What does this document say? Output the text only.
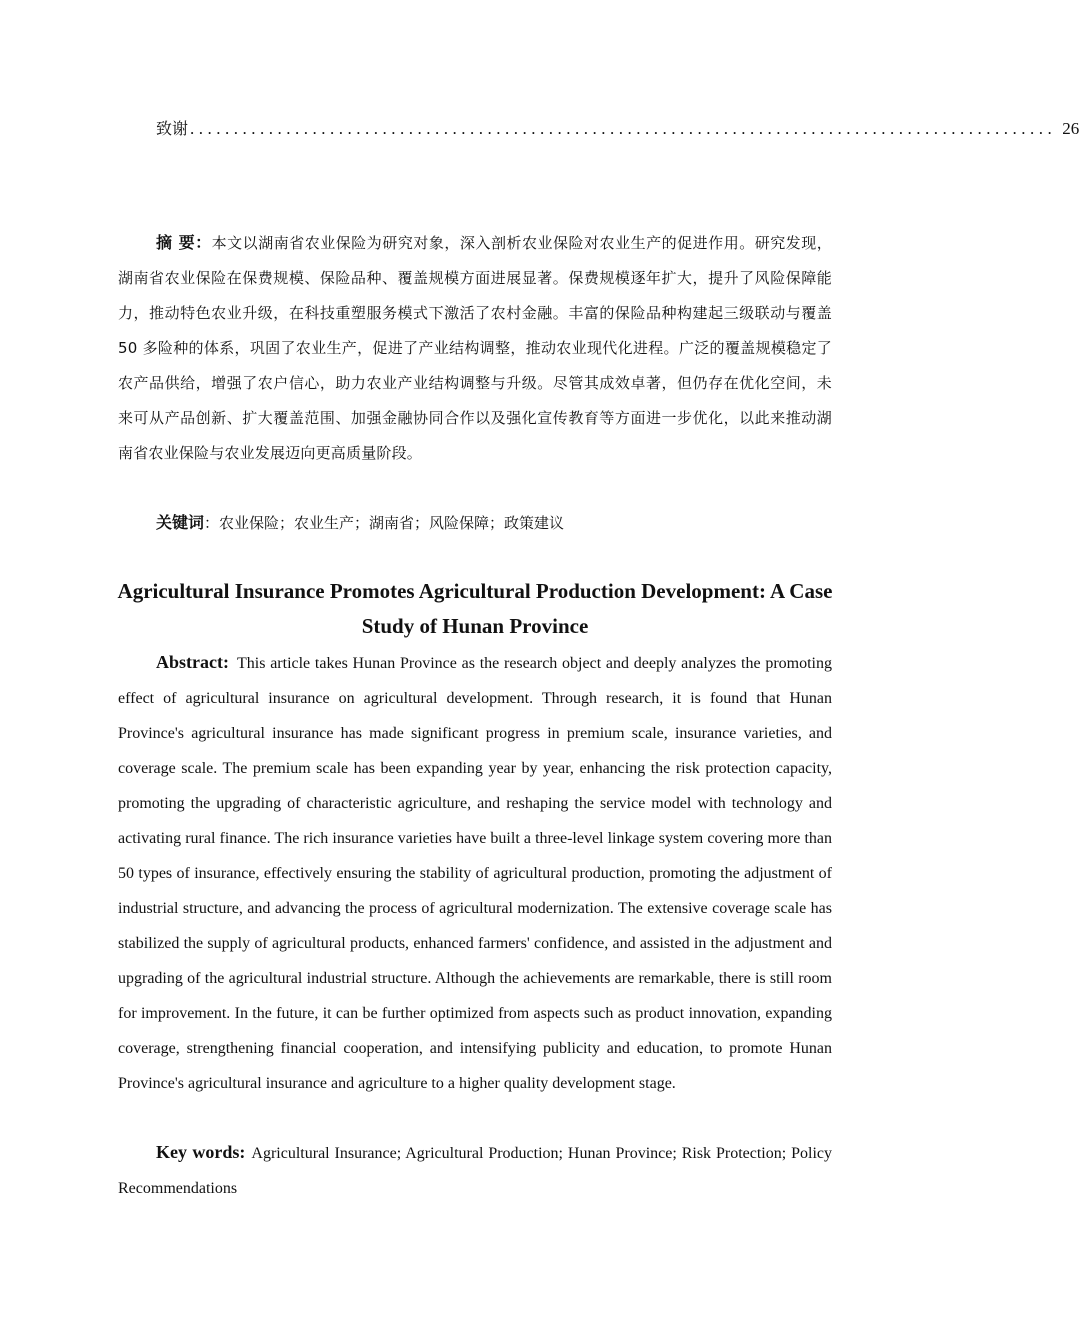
致谢 ................................................................................................... 26

摘 要：本文以湖南省农业保险为研究对象，深入剖析农业保险对农业生产的促进作用。研究发现，湖南省农业保险在保费规模、保险品种、覆盖规模方面进展显著。保费规模逐年扩大，提升了风险保障能力，推动特色农业升级，在科技重塑服务模式下激活了农村金融。丰富的保险品种构建起三级联动与覆盖 50 多险种的体系，巩固了农业生产，促进了产业结构调整，推动农业现代化进程。广泛的覆盖规模稳定了农产品供给，增强了农户信心，助力农业产业结构调整与升级。尽管其成效卓著，但仍存在优化空间，未来可从产品创新、扩大覆盖范围、加强金融协同合作以及强化宣传教育等方面进一步优化，以此来推动湖南省农业保险与农业发展迈向更高质量阶段。

关键词：农业保险；农业生产；湖南省；风险保障；政策建议

Agricultural Insurance Promotes Agricultural Production Development: A Case Study of Hunan Province

Abstract: This article takes Hunan Province as the research object and deeply analyzes the promoting effect of agricultural insurance on agricultural development. Through research, it is found that Hunan Province's agricultural insurance has made significant progress in premium scale, insurance varieties, and coverage scale. The premium scale has been expanding year by year, enhancing the risk protection capacity, promoting the upgrading of characteristic agriculture, and reshaping the service model with technology and activating rural finance. The rich insurance varieties have built a three-level linkage system covering more than 50 types of insurance, effectively ensuring the stability of agricultural production, promoting the adjustment of industrial structure, and advancing the process of agricultural modernization. The extensive coverage scale has stabilized the supply of agricultural products, enhanced farmers' confidence, and assisted in the adjustment and upgrading of the agricultural industrial structure. Although the achievements are remarkable, there is still room for improvement. In the future, it can be further optimized from aspects such as product innovation, expanding coverage, strengthening financial cooperation, and intensifying publicity and education, to promote Hunan Province's agricultural insurance and agriculture to a higher quality development stage.

Key words: Agricultural Insurance; Agricultural Production; Hunan Province; Risk Protection; Policy Recommendations
